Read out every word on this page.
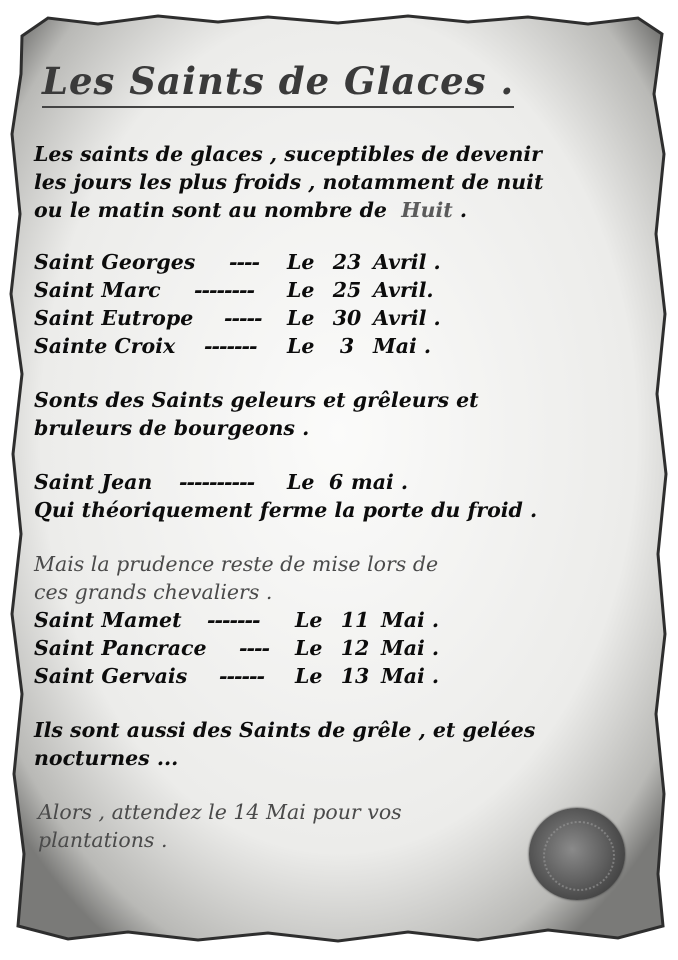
Les Saints de Glaces .

Les saints de glaces , suceptibles de devenir

les jours les plus froids , notamment de nuit

ou le matin sont au nombre de Huit .

Saint Georges	----	Le 23 Avril .
Saint Marc	--------	Le 25 Avril.
Saint Eutrope	-----	Le 30 Avril .
Sainte Croix	-------	Le	3 Mai .

Sonts des Saints geleurs et grêleurs et

bruleurs de bourgeons .

Saint Jean	----------	Le 6 mai .

Qui théoriquement ferme la porte du froid .

Mais la prudence reste de mise lors de

ces grands chevaliers .

Saint Mamet	-------	Le 11 Mai .
Saint Pancrace	----	Le 12 Mai .
Saint Gervais	------	Le 13 Mai .

Ils sont aussi des Saints de grêle , et gelées

nocturnes ...

Alors , attendez le 14 Mai pour vos

plantations .
